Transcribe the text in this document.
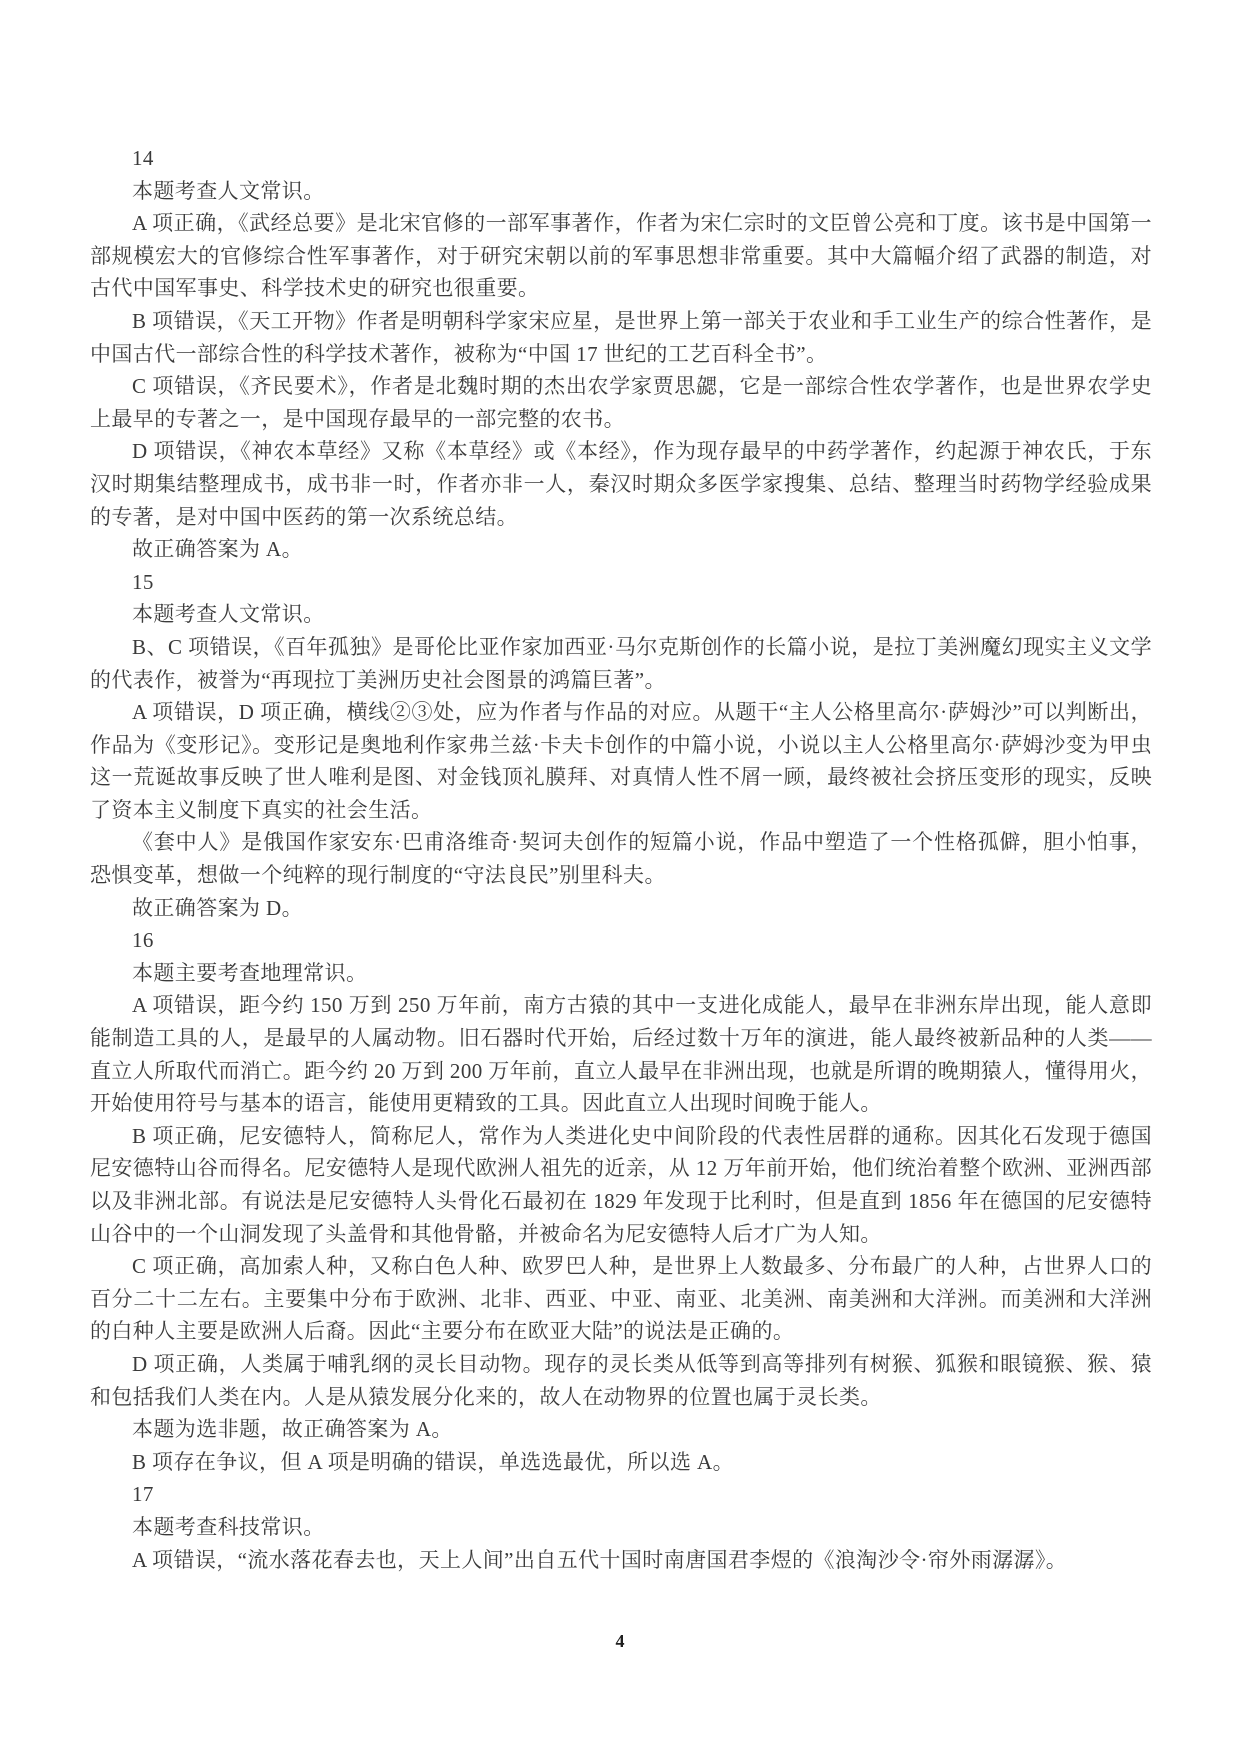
14

本题考查人文常识。

A 项正确，《武经总要》是北宋官修的一部军事著作，作者为宋仁宗时的文臣曾公亮和丁度。该书是中国第一部规模宏大的官修综合性军事著作，对于研究宋朝以前的军事思想非常重要。其中大篇幅介绍了武器的制造，对古代中国军事史、科学技术史的研究也很重要。

B 项错误，《天工开物》作者是明朝科学家宋应星，是世界上第一部关于农业和手工业生产的综合性著作，是中国古代一部综合性的科学技术著作，被称为“中国 17 世纪的工艺百科全书”。

C 项错误，《齐民要术》，作者是北魏时期的杰出农学家贾思勰，它是一部综合性农学著作，也是世界农学史上最早的专著之一，是中国现存最早的一部完整的农书。

D 项错误，《神农本草经》又称《本草经》或《本经》，作为现存最早的中药学著作，约起源于神农氏，于东汉时期集结整理成书，成书非一时，作者亦非一人，秦汉时期众多医学家搜集、总结、整理当时药物学经验成果的专著，是对中国中医药的第一次系统总结。

故正确答案为 A。

15

本题考查人文常识。

B、C 项错误，《百年孤独》是哥伦比亚作家加西亚·马尔克斯创作的长篇小说，是拉丁美洲魔幻现实主义文学的代表作，被誉为“再现拉丁美洲历史社会图景的鸿篇巨著”。

A 项错误，D 项正确，横线②③处，应为作者与作品的对应。从题干“主人公格里高尔·萨姆沙”可以判断出，作品为《变形记》。变形记是奥地利作家弗兰兹·卡夫卡创作的中篇小说，小说以主人公格里高尔·萨姆沙变为甲虫这一荒诞故事反映了世人唯利是图、对金钱顶礼膜拜、对真情人性不屑一顾，最终被社会挤压变形的现实，反映了资本主义制度下真实的社会生活。

《套中人》是俄国作家安东·巴甫洛维奇·契诃夫创作的短篇小说，作品中塑造了一个性格孤僻，胆小怕事，恐惧变革，想做一个纯粹的现行制度的“守法良民”别里科夫。

故正确答案为 D。

16

本题主要考查地理常识。

A 项错误，距今约 150 万到 250 万年前，南方古猿的其中一支进化成能人，最早在非洲东岸出现，能人意即能制造工具的人，是最早的人属动物。旧石器时代开始，后经过数十万年的演进，能人最终被新品种的人类——直立人所取代而消亡。距今约 20 万到 200 万年前，直立人最早在非洲出现，也就是所谓的晚期猿人，懂得用火，开始使用符号与基本的语言，能使用更精致的工具。因此直立人出现时间晚于能人。

B 项正确，尼安德特人，简称尼人，常作为人类进化史中间阶段的代表性居群的通称。因其化石发现于德国尼安德特山谷而得名。尼安德特人是现代欧洲人祖先的近亲，从 12 万年前开始，他们统治着整个欧洲、亚洲西部以及非洲北部。有说法是尼安德特人头骨化石最初在 1829 年发现于比利时，但是直到 1856 年在德国的尼安德特山谷中的一个山洞发现了头盖骨和其他骨骼，并被命名为尼安德特人后才广为人知。

C 项正确，高加索人种，又称白色人种、欧罗巴人种，是世界上人数最多、分布最广的人种，占世界人口的百分二十二左右。主要集中分布于欧洲、北非、西亚、中亚、南亚、北美洲、南美洲和大洋洲。而美洲和大洋洲的白种人主要是欧洲人后裔。因此“主要分布在欧亚大陆”的说法是正确的。

D 项正确，人类属于哺乳纲的灵长目动物。现存的灵长类从低等到高等排列有树猴、狐猴和眼镜猴、猴、猿和包括我们人类在内。人是从猿发展分化来的，故人在动物界的位置也属于灵长类。

本题为选非题，故正确答案为 A。

B 项存在争议，但 A 项是明确的错误，单选选最优，所以选 A。

17

本题考查科技常识。

A 项错误，“流水落花春去也，天上人间”出自五代十国时南唐国君李煜的《浪淘沙令·帘外雨潺潺》。

4
